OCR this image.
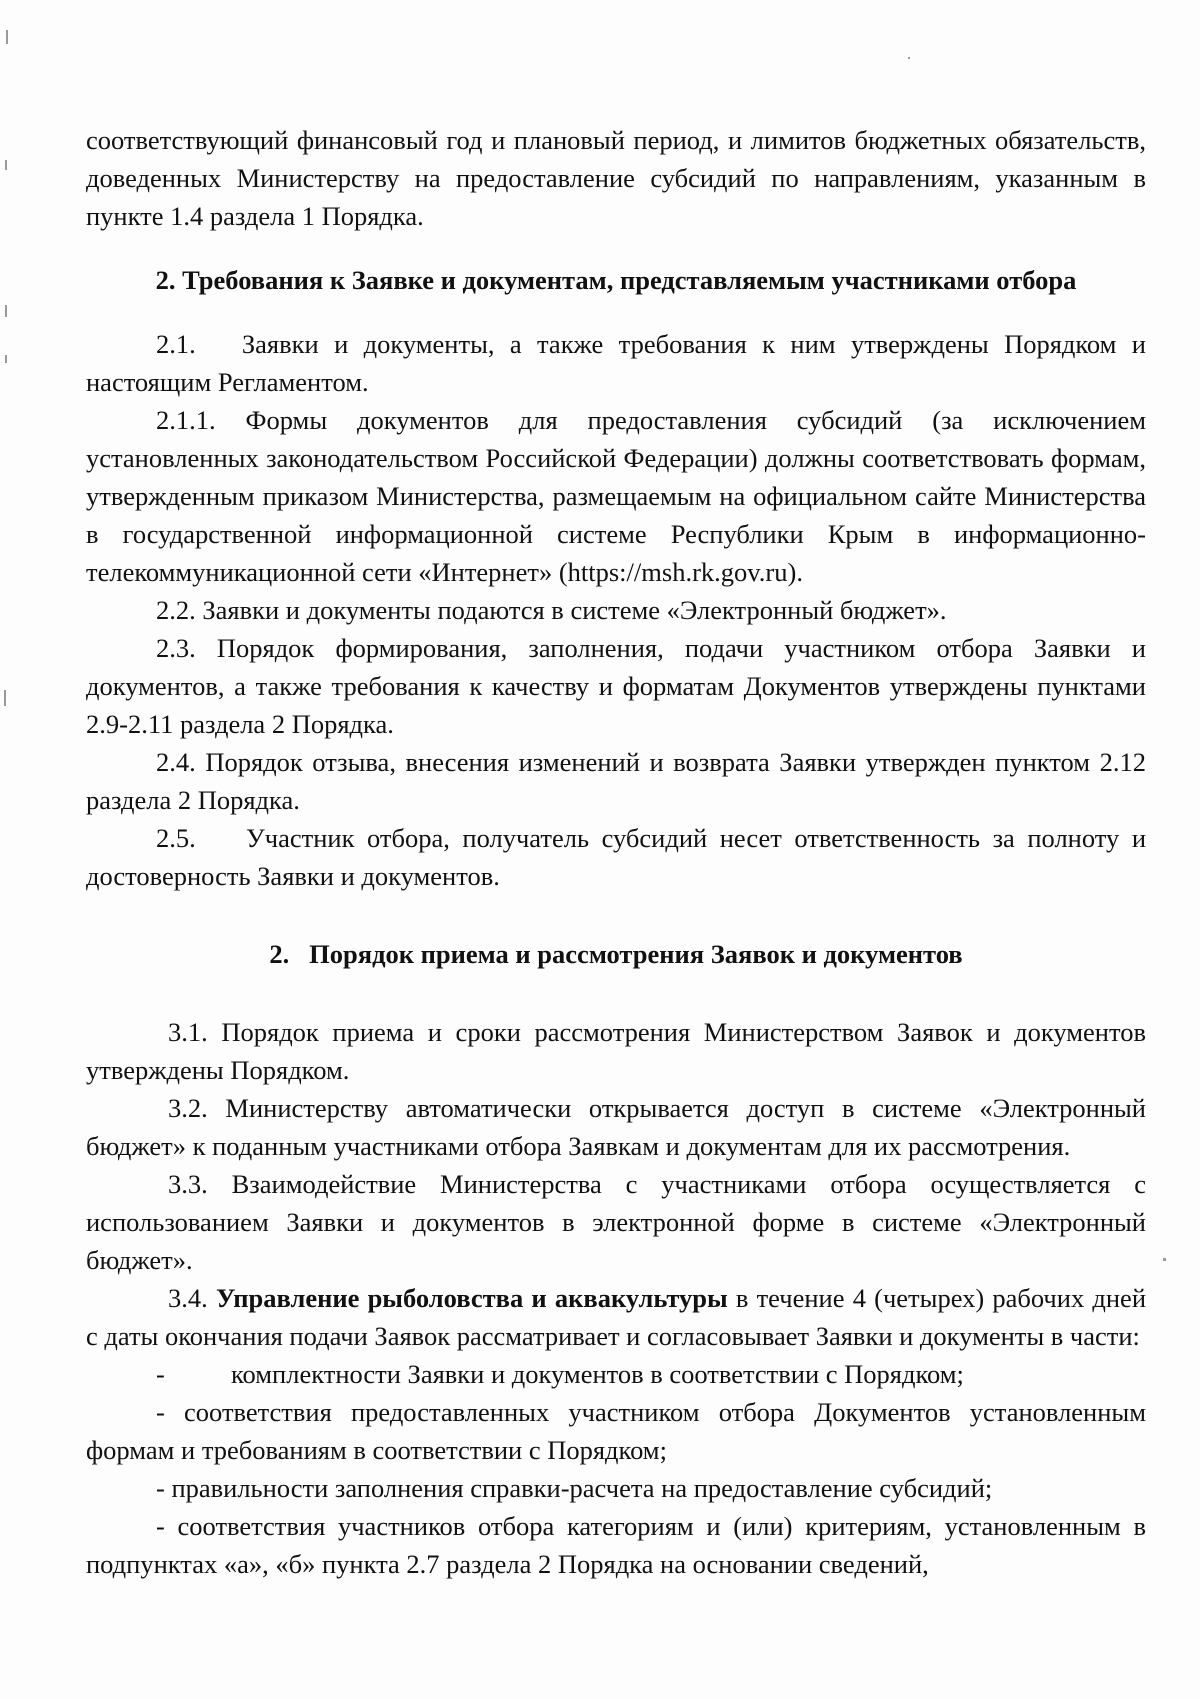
соответствующий финансовый год и плановый период, и лимитов бюджетных обязательств, доведенных Министерству на предоставление субсидий по направлениям, указанным в пункте 1.4 раздела 1 Порядка.

2. Требования к Заявке и документам, представляемым участниками отбора

2.1.   Заявки и документы, а также требования к ним утверждены Порядком и настоящим Регламентом.

2.1.1. Формы документов для предоставления субсидий (за исключением установленных законодательством Российской Федерации) должны соответствовать формам, утвержденным приказом Министерства, размещаемым на официальном сайте Министерства в государственной информационной системе Республики Крым в информационно-телекоммуникационной сети «Интернет» (https://msh.rk.gov.ru).

2.2. Заявки и документы подаются в системе «Электронный бюджет».

2.3. Порядок формирования, заполнения, подачи участником отбора Заявки и документов, а также требования к качеству и форматам Документов утверждены пунктами 2.9-2.11 раздела 2 Порядка.

2.4. Порядок отзыва, внесения изменений и возврата Заявки утвержден пунктом 2.12 раздела 2 Порядка.

2.5.    Участник отбора, получатель субсидий несет ответственность за полноту и достоверность Заявки и документов.

2.   Порядок приема и рассмотрения Заявок и документов

3.1. Порядок приема и сроки рассмотрения Министерством Заявок и документов утверждены Порядком.

3.2. Министерству автоматически открывается доступ в системе «Электронный бюджет» к поданным участниками отбора Заявкам и документам для их рассмотрения.

3.3. Взаимодействие Министерства с участниками отбора осуществляется с использованием Заявки и документов в электронной форме в системе «Электронный бюджет».

3.4. Управление рыболовства и аквакультуры в течение 4 (четырех) рабочих дней с даты окончания подачи Заявок рассматривает и согласовывает Заявки и документы в части:

- комплектности Заявки и документов в соответствии с Порядком;

- соответствия предоставленных участником отбора Документов установленным формам и требованиям в соответствии с Порядком;

- правильности заполнения справки-расчета на предоставление субсидий;

- соответствия участников отбора категориям и (или) критериям, установленным в подпунктах «а», «б» пункта 2.7 раздела 2 Порядка на основании сведений,
